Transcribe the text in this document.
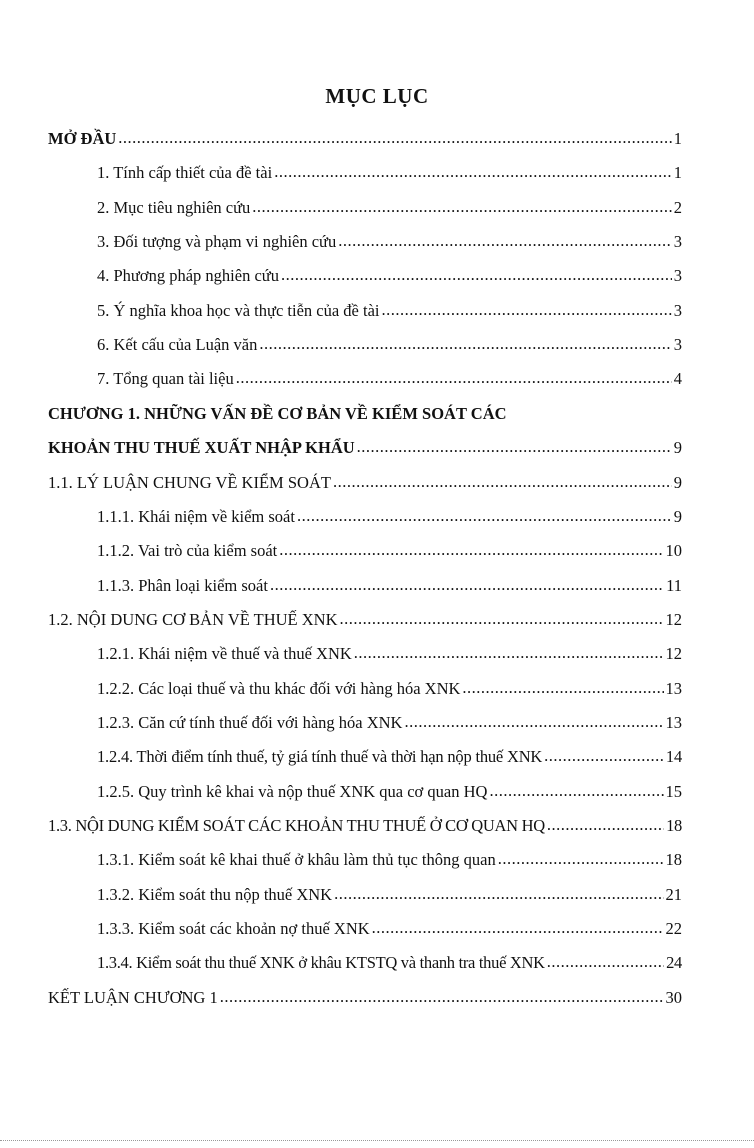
MỤC LỤC
MỞ ĐẦU .....	1
1. Tính cấp thiết của đề tài .....	1
2. Mục tiêu nghiên cứu .....	2
3. Đối tượng và phạm vi nghiên cứu .....	3
4. Phương pháp nghiên cứu .....	3
5. Ý nghĩa khoa học và thực tiễn của đề tài .....	3
6. Kết cấu của Luận văn .....	3
7. Tổng quan tài liệu .....	4
CHƯƠNG 1. NHỮNG VẤN ĐỀ CƠ BẢN VỀ KIỂM SOÁT CÁC
KHOẢN THU THUẾ XUẤT NHẬP KHẨU .....	9
1.1. LÝ LUẬN CHUNG VỀ KIỂM SOÁT .....	9
1.1.1. Khái niệm về kiểm soát .....	9
1.1.2. Vai trò của kiểm soát .....	10
1.1.3. Phân loại kiểm soát .....	11
1.2. NỘI DUNG CƠ BẢN VỀ THUẾ XNK .....	12
1.2.1. Khái niệm về thuế và thuế XNK .....	12
1.2.2. Các loại thuế và thu khác đối với hàng hóa XNK .....	13
1.2.3. Căn cứ tính thuế đối với hàng hóa XNK .....	13
1.2.4. Thời điểm tính thuế, tỷ giá tính thuế và thời hạn nộp thuế XNK .....	14
1.2.5. Quy trình kê khai và nộp thuế XNK qua cơ quan HQ .....	15
1.3. NỘI DUNG KIỂM SOÁT CÁC KHOẢN THU THUẾ Ở CƠ QUAN HQ .....	18
1.3.1. Kiểm soát kê khai thuế ở khâu làm thủ tục thông quan .....	18
1.3.2. Kiểm soát thu nộp thuế XNK .....	21
1.3.3. Kiểm soát các khoản nợ thuế XNK .....	22
1.3.4. Kiểm soát thu thuế XNK ở khâu KTSTQ và thanh tra thuế XNK .....	24
KẾT LUẬN CHƯƠNG 1 .....	30
